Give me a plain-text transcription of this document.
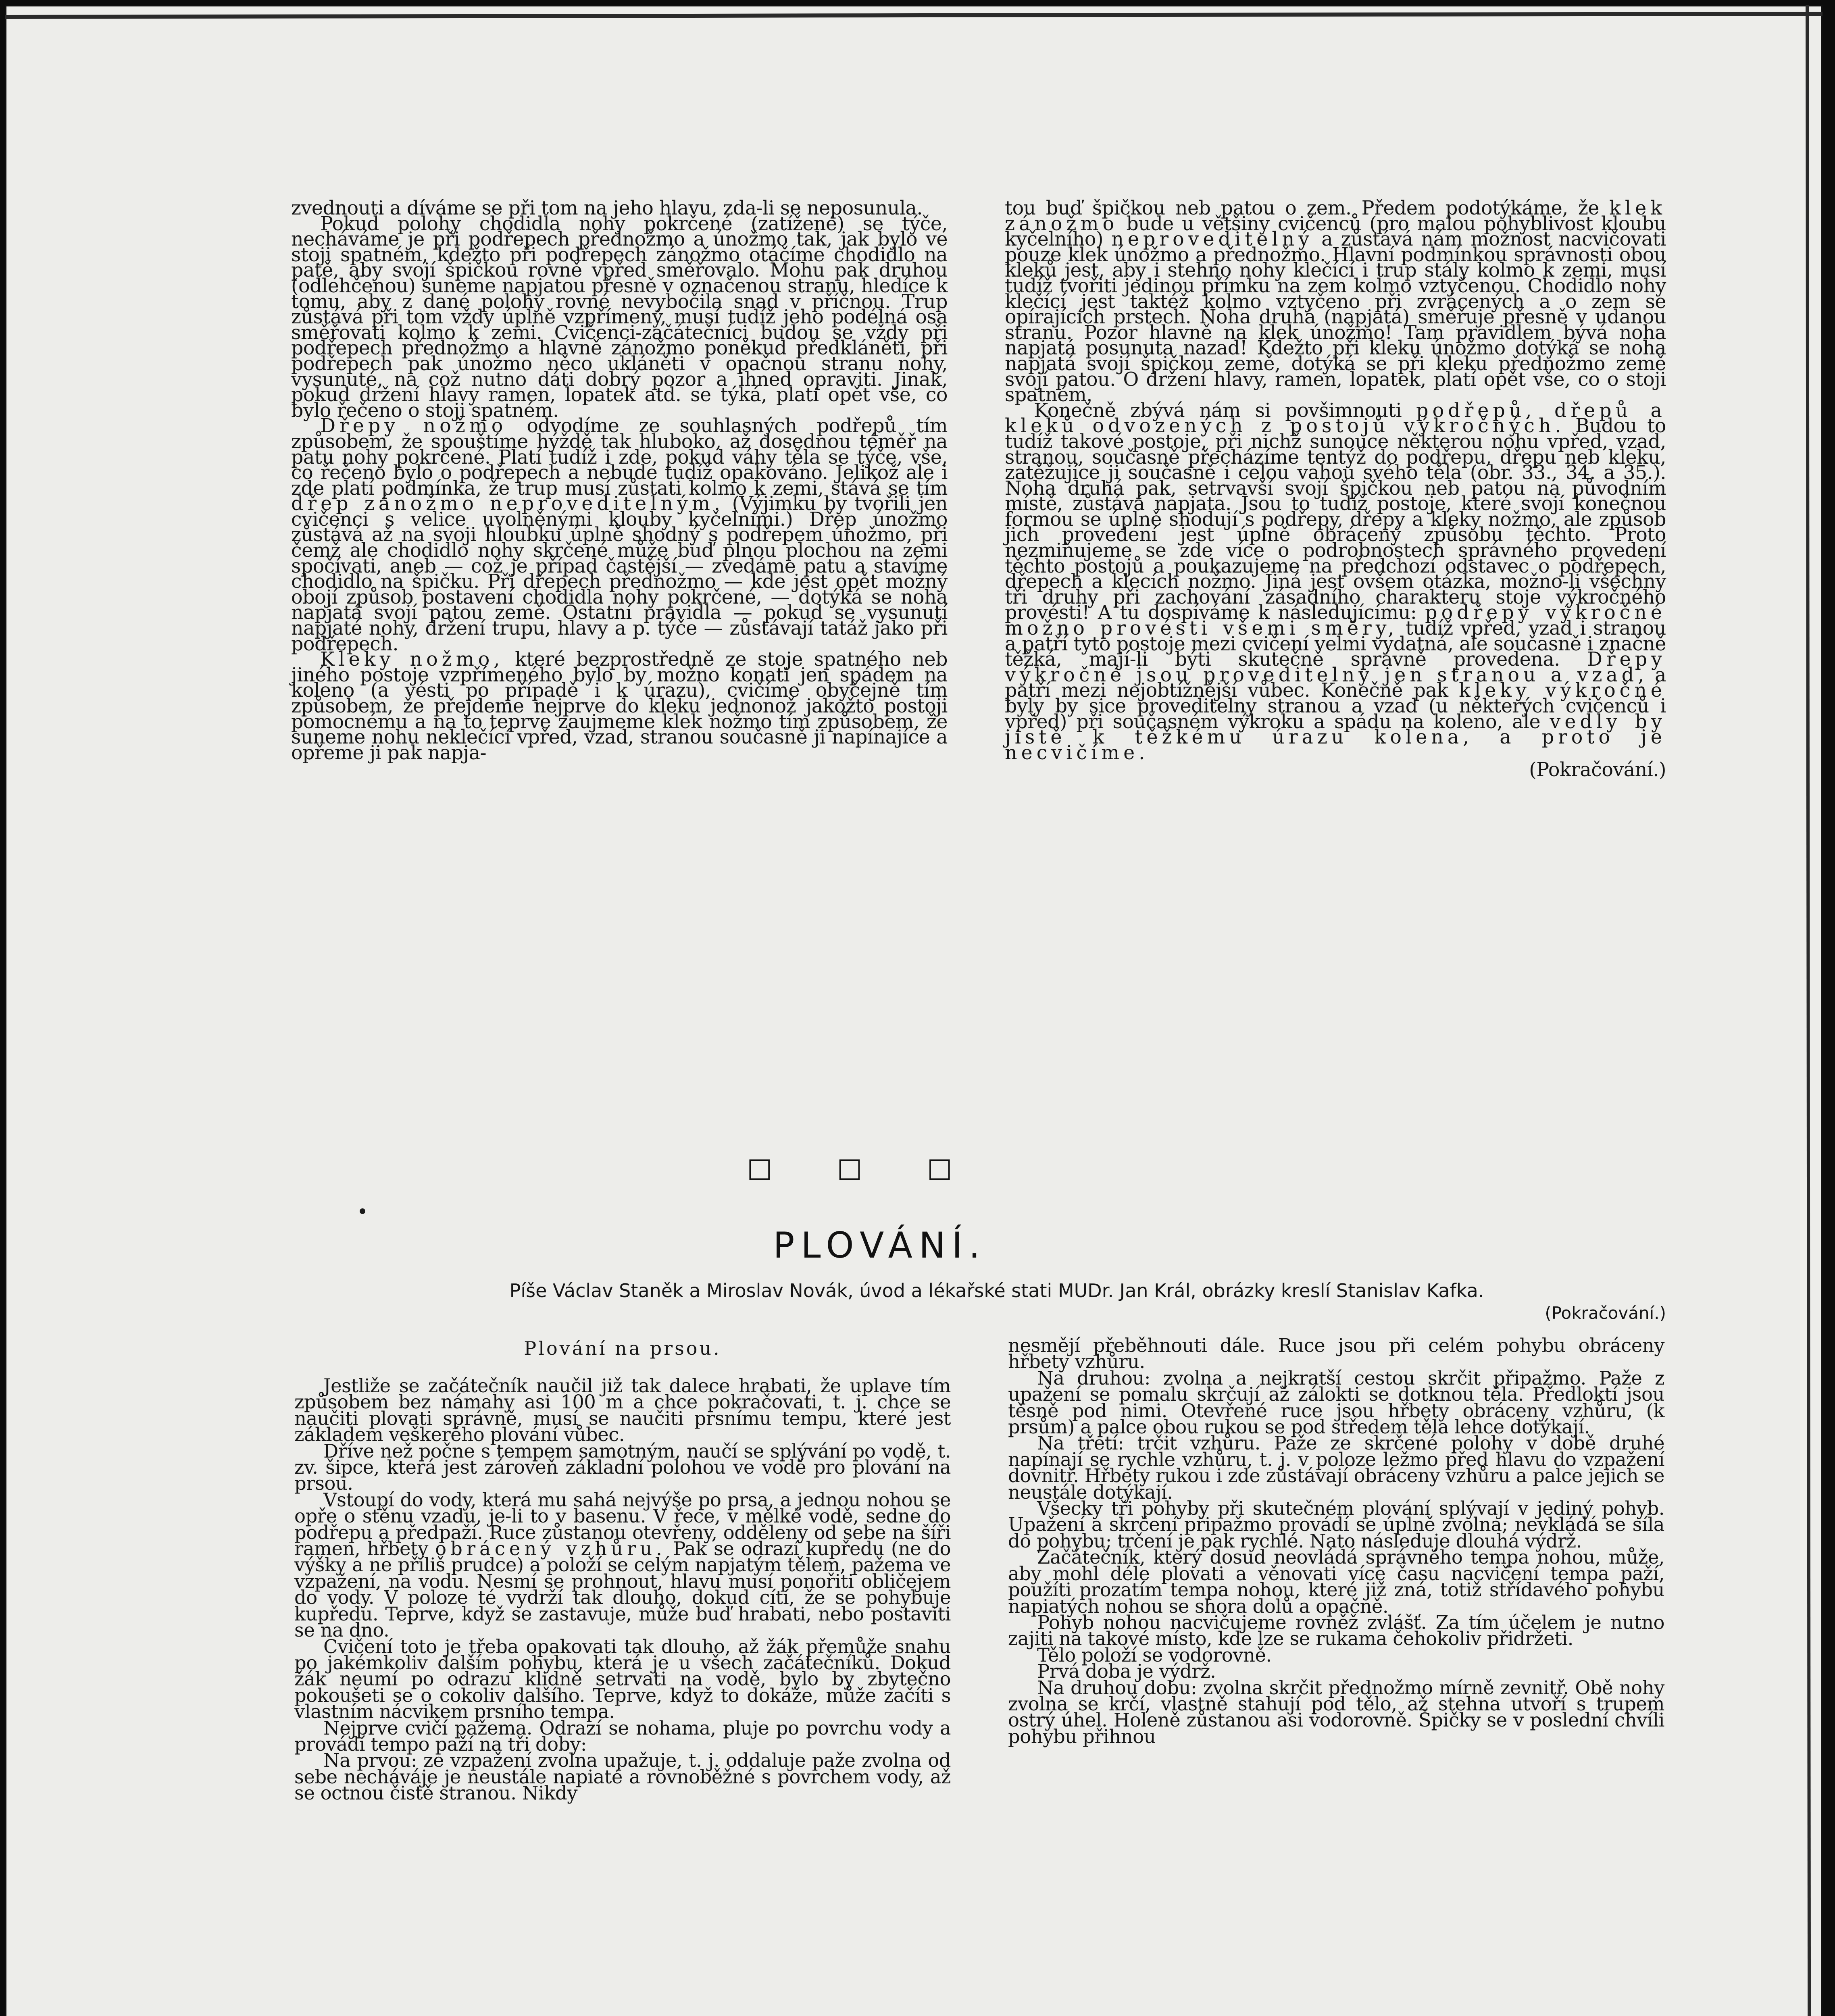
zvednouti a díváme se při tom na jeho hlavu, zda-li se neposunula.

Pokud polohy chodidla nohy pokrčené (zatížené) se týče, necháváme je při podřepech přednožmo a únožmo tak, jak bylo ve stoji spatném, kdežto při podřepech zánožmo otáčíme chodidlo na patě, aby svojí špičkou rovně vpřed směřovalo. Mohu pak druhou (odlehčenou) suneme napjatou přesně v označenou stranu, hledíce k tomu, aby z dané polohy rovné nevybočila snad v příčnou. Trup zůstává při tom vždy úplně vzpřímený, musí tudíž jeho podélná osa směřovati kolmo k zemi. Cvičenci-začátečníci budou se vždy při podřepech přednožmo a hlavně zánožmo poněkud předkláněti, při podřepech pak únožmo něco ukláněti v opačnou stranu nohy, vysunuté, na což nutno dáti dobrý pozor a ihned opraviti. Jinak, pokud držení hlavy ramen, lopatek atd. se týká, platí opět vše, co bylo řečeno o stoji spatném.

Dřepy nožmo odvodíme ze souhlasných podřepů tím způsobem, že spouštíme hýždě tak hluboko, až dosednou téměř na patu nohy pokrčené. Platí tudíž i zde, pokud váhy těla se týče, vše, co řečeno bylo o podřepech a nebude tudíž opakováno. Jelikož ale i zde platí podmínka, že trup musí zůstati kolmo k zemi, stává se tím dřep zánožmo neproveditelným. (Výjimku by tvořili jen cvičenci s velice uvolněnými klouby kyčelními.) Dřep únožmo zůstává až na svoji hloubku úplně shodný s podřepem únožmo, při čemž ale chodidlo nohy skrčené může buď plnou plochou na zemi spočívati, aneb — což je případ častější — zvedáme patu a stavíme chodidlo na špičku. Při dřepech přednožmo — kde jest opět možný obojí způsob postavení chodidla nohy pokrčené, — dotýká se noha napjatá svojí patou země. Ostatní pravidla — pokud se vysunutí napjaté nohy, držení trupu, hlavy a p. týče — zůstávají tatáž jako při podřepech.

Kleky nožmo, které bezprostředně ze stoje spatného neb jiného postoje vzpřímeného bylo by možno konati jen spádem na koleno (a vésti po případě i k úrazu), cvičíme obyčejně tím způsobem, že přejdeme nejprve do kleku jednonož jakožto postoji pomocnému a na to teprve zaujmeme klek nožmo tím způsobem, že suneme nohu neklečící vpřed, vzad, stranou současně ji napínajíce a opřeme ji pak napja-

tou buď špičkou neb patou o zem. Předem podotýkáme, že klek zánožmo bude u většiny cvičenců (pro malou pohyblivost kloubu kyčelního) neproveditelný a zůstává nám možnost nacvičovati pouze klek únožmo a přednožmo. Hlavní podmínkou správnosti obou kleků jest, aby i stehno nohy klečící i trup stály kolmo k zemi, musí tudíž tvořiti jedinou přímku na zem kolmo vztyčenou. Chodidlo nohy klečící jest taktéž kolmo vztyčeno při zvrácených a o zem se opírajících prstech. Noha druhá (napjatá) směřuje přesně v udanou stranu. Pozor hlavně na klek únožmo! Tam pravidlem bývá noha napjatá posunuta nazad! Kdežto při kleku únožmo dotýká se noha napjatá svojí špičkou země, dotýká se při kleku přednožmo země svojí patou. O držení hlavy, ramen, lopatek, platí opět vše, co o stoji spatném.

Konečně zbývá nám si povšimnouti podřepů, dřepů a kleků odvozených z postojů výkročných. Budou to tudíž takové postoje, při nichž sunouce některou nohu vpřed, vzad, stranou, současně přecházíme tentýž do podřepu, dřepu neb kleku, zatěžujíce ji současně i celou vahou svého těla (obr. 33., 34. a 35.). Noha druhá pak, setrvavší svojí špičkou neb patou na původním místě, zůstává napjata. Jsou to tudíž postoje, které svojí konečnou formou se úplně shodují s podřepy, dřepy a kleky nožmo, ale způsob jich provedení jest úplně obrácený způsobu těchto. Proto nezmiňujeme se zde více o podrobnostech správného provedení těchto postojů a poukazujeme na předchozí odstavec o podřepech, dřepech a klecích nožmo. Jiná jest ovšem otázka, možno-li všechny tři druhy při zachování zásadního charakteru stoje výkročného provésti! A tu dospíváme k následujícímu: podřepy výkročné možno provésti všemi směry, tudíž vpřed, vzad i stranou a patří tyto postoje mezi cvičení velmi vydatná, ale současně i značně těžká, mají-li býti skutečně správně provedena. Dřepy výkročné jsou proveditelny jen stranou a vzad, a patří mezi nejobtížnější vůbec. Konečně pak kleky výkročné byly by sice proveditelny stranou a vzad (u některých cvičenců i vpřed) při současném výkroku a spádu na koleno, ale vedly by jistě k těžkému úrazu kolena, a proto je necvičíme.

(Pokračování.)

□ □ □
PLOVÁNÍ.
Píše Václav Staněk a Miroslav Novák, úvod a lékařské stati MUDr. Jan Král, obrázky kreslí Stanislav Kafka.
(Pokračování.)
Plování na prsou.

Jestliže se začátečník naučil již tak dalece hrabati, že uplave tím způsobem bez námahy asi 100 m a chce pokračovati, t. j. chce se naučiti plovati správně, musí se naučiti prsnímu tempu, které jest základem veškerého plování vůbec.

Dříve než počne s tempem samotným, naučí se splývání po vodě, t. zv. šipce, která jest zároveň základní polohou ve vodě pro plování na prsou.

Vstoupí do vody, která mu sahá nejvýše po prsa, a jednou nohou se opře o stěnu vzadu, je-li to v basenu. V řece, v mělké vodě, sedne do podřepu a předpaží. Ruce zůstanou otevřeny, odděleny od sebe na šíři ramen, hřbety obrácený vzhůru. Pak se odrazí kupředu (ne do výšky a ne příliš prudce) a položí se celým napjatým tělem, pažema ve vzpažení, na vodu. Nesmí se prohnout, hlavu musí ponořiti obličejem do vody. V poloze té vydrží tak dlouho, dokud cítí, že se pohybuje kupředu. Teprve, když se zastavuje, může buď hrabati, nebo postaviti se na dno.

Cvičení toto je třeba opakovati tak dlouho, až žák přemůže snahu po jakémkoliv dalším pohybu, která je u všech začátečníků. Dokud žák neumí po odrazu klidně setrvati na vodě, bylo by zbytečno pokoušeti se o cokoliv dalšího. Teprve, když to dokáže, může začíti s vlastním nácvikem prsního tempa.

Nejprve cvičí pažema. Odrazí se nohama, pluje po povrchu vody a provádí tempo paží na tři doby:

Na prvou: ze vzpažení zvolna upažuje, t. j. oddaluje paže zvolna od sebe necháváje je neustále napiaté a rovnoběžné s povrchem vody, až se octnou čistě stranou. Nikdy

nesmějí přeběhnouti dále. Ruce jsou při celém pohybu obráceny hřbety vzhůru.

Na druhou: zvolna a nejkratší cestou skrčit připažmo. Paže z upažení se pomalu skrčují až zálokti se dotknou těla. Předloktí jsou těsně pod nimi. Otevřené ruce jsou hřbety obráceny vzhůru, (k prsům) a palce obou rukou se pod středem těla lehce dotýkají.

Na třetí: trčit vzhůru. Paže ze skrčené polohy v době druhé napínají se rychle vzhůru, t. j. v poloze ležmo před hlavu do vzpažení dovnitř. Hřbety rukou i zde zůstávají obráceny vzhůru a palce jejich se neustále dotýkají.

Všecky tři pohyby při skutečném plování splývají v jediný pohyb. Upažení a skrčení připažmo provádí se úplně zvolna; nevkládá se síla do pohybu; trčení je pak rychlé. Nato následuje dlouhá výdrž.

Začátečník, který dosud neovládá správného tempa nohou, může, aby mohl déle plovati a věnovati více času nacvičení tempa paží, použíti prozatím tempa nohou, které již zná, totiž střídavého pohybu napiatých nohou se shora dolů a opačně.

Pohyb nohou nacvičujeme rovněž zvlášť. Za tím účelem je nutno zajiti na takové místo, kde lze se rukama čehokoliv přidržeti.

Tělo položí se vodorovně.

Prvá doba je výdrž.

Na druhou dobu: zvolna skrčit přednožmo mírně zevnitř. Obě nohy zvolna se krčí, vlastně stahují pod tělo, až stehna utvoří s trupem ostrý úhel. Holeně zůstanou asi vodorovně. Špičky se v poslední chvíli pohybu přihnou
